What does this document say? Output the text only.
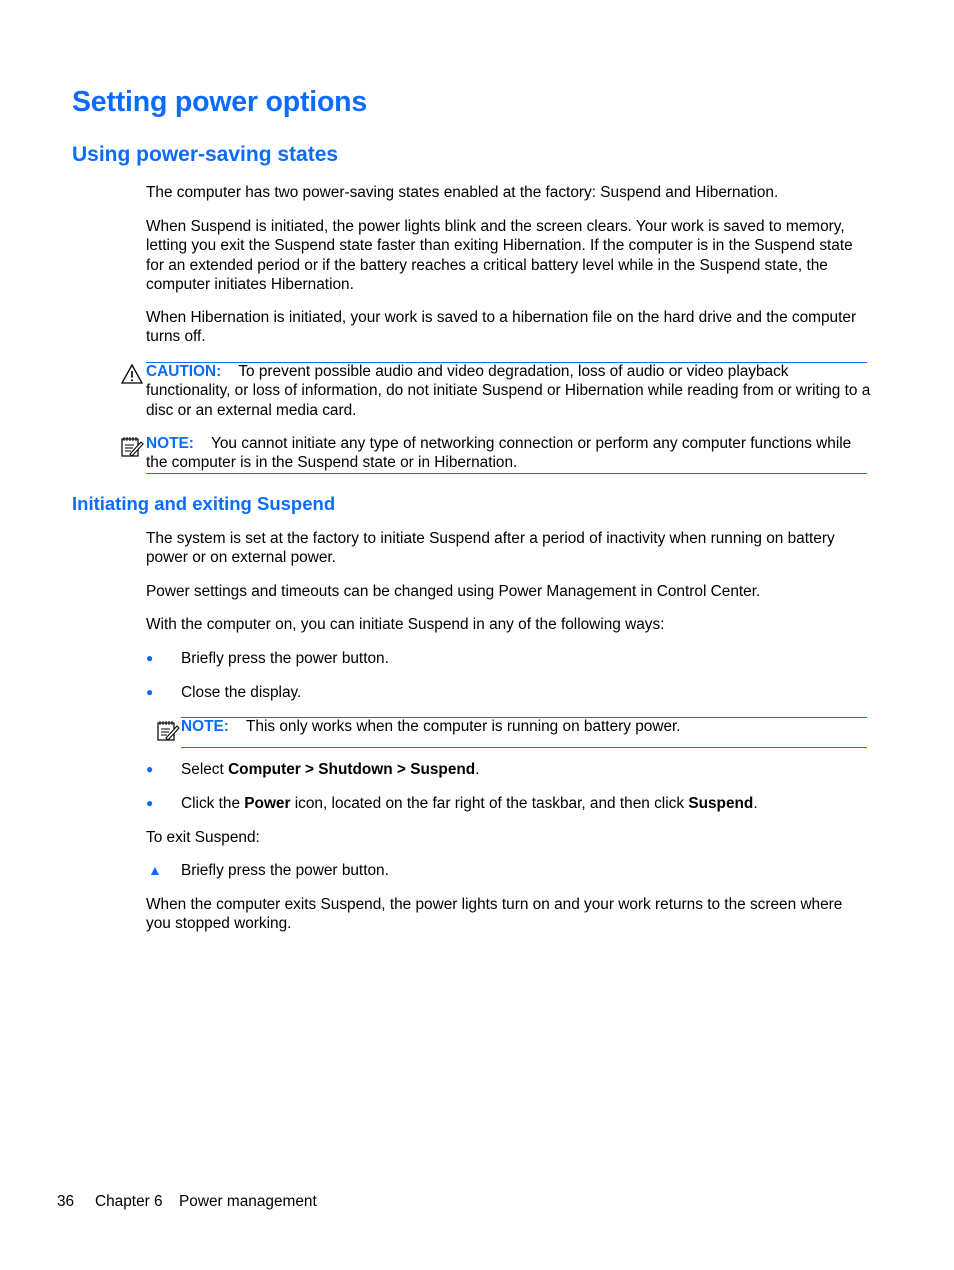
Setting power options
Using power-saving states

The computer has two power-saving states enabled at the factory: Suspend and Hibernation.

When Suspend is initiated, the power lights blink and the screen clears. Your work is saved to memory, letting you exit the Suspend state faster than exiting Hibernation. If the computer is in the Suspend state for an extended period or if the battery reaches a critical battery level while in the Suspend state, the computer initiates Hibernation.

When Hibernation is initiated, your work is saved to a hibernation file on the hard drive and the computer turns off.

CAUTION: To prevent possible audio and video degradation, loss of audio or video playback functionality, or loss of information, do not initiate Suspend or Hibernation while reading from or writing to a disc or an external media card.

NOTE: You cannot initiate any type of networking connection or perform any computer functions while the computer is in the Suspend state or in Hibernation.

Initiating and exiting Suspend

The system is set at the factory to initiate Suspend after a period of inactivity when running on battery power or on external power.

Power settings and timeouts can be changed using Power Management in Control Center.

With the computer on, you can initiate Suspend in any of the following ways:

● Briefly press the power button.

● Close the display.

NOTE: This only works when the computer is running on battery power.

● Select Computer > Shutdown > Suspend.

● Click the Power icon, located on the far right of the taskbar, and then click Suspend.

To exit Suspend:

▲ Briefly press the power button.

When the computer exits Suspend, the power lights turn on and your work returns to the screen where you stopped working.

36 Chapter 6 Power management
